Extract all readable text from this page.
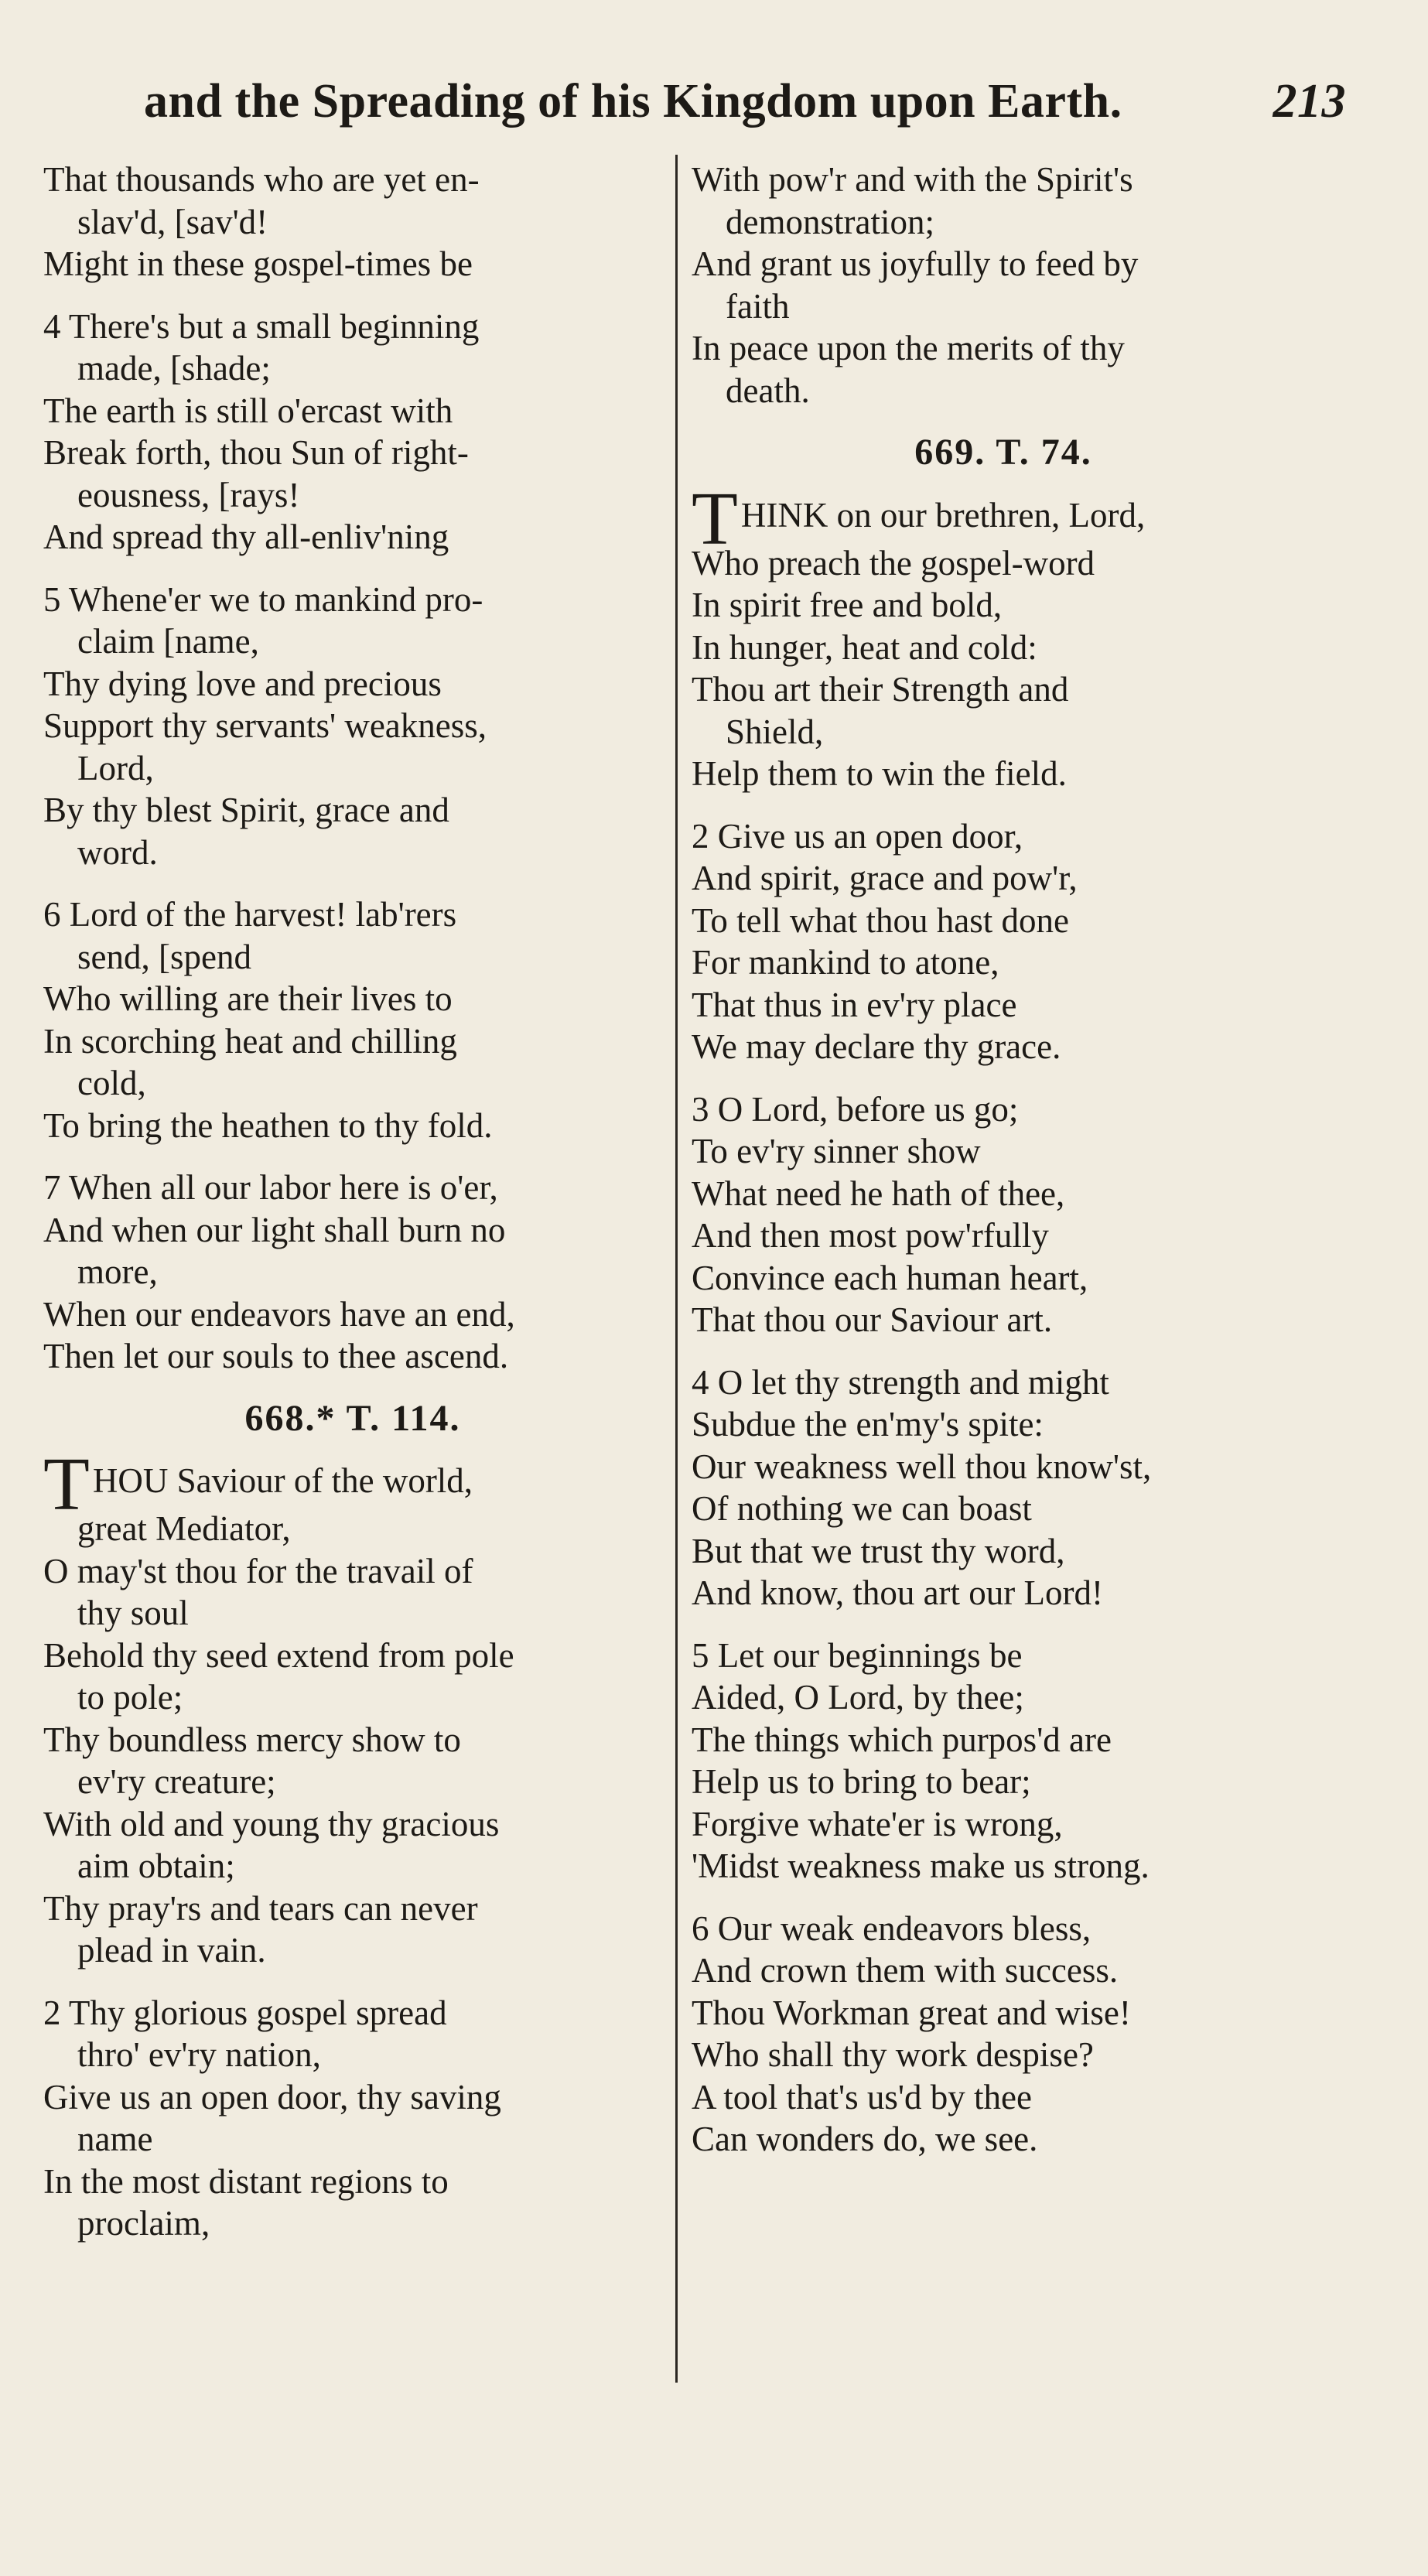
and the Spreading of his Kingdom upon Earth.	213
That thousands who are yet en-
slav'd, [sav'd!
Might in these gospel-times be
4 There's but a small beginning
made, [shade;
The earth is still o'ercast with
Break forth, thou Sun of right-
eousness, [rays!
And spread thy all-enliv'ning
5 Whene'er we to mankind pro-
claim [name,
Thy dying love and precious
Support thy servants' weakness,
Lord,
By thy blest Spirit, grace and
word.
6 Lord of the harvest! lab'rers
send, [spend
Who willing are their lives to
In scorching heat and chilling
cold,
To bring the heathen to thy fold.
7 When all our labor here is o'er,
And when our light shall burn no
more,
When our endeavors have an end,
Then let our souls to thee ascend.
668.* T. 114.
T HOU
Saviour of the world,
great Mediator,
O may'st thou for the travail of
thy soul
Behold thy seed extend from pole
to pole;
Thy boundless mercy show to
ev'ry creature;
With old and young thy gracious
aim obtain;
Thy pray'rs and tears can never
plead in vain.
2 Thy glorious gospel spread
thro' ev'ry nation,
Give us an open door, thy saving
name
In the most distant regions to
proclaim,
With pow'r and with the Spirit's
demonstration;
And grant us joyfully to feed by
faith
In peace upon the merits of thy
death.
669. T. 74.
T HINK
on our brethren, Lord,
Who preach the gospel-word
In spirit free and bold,
In hunger, heat and cold:
Thou art their Strength and
Shield,
Help them to win the field.
2 Give us an open door,
And spirit, grace and pow'r,
To tell what thou hast done
For mankind to atone,
That thus in ev'ry place
We may declare thy grace.
3 O Lord, before us go;
To ev'ry sinner show
What need he hath of thee,
And then most pow'rfully
Convince each human heart,
That thou our Saviour art.
4 O let thy strength and might
Subdue the en'my's spite:
Our weakness well thou know'st,
Of nothing we can boast
But that we trust thy word,
And know, thou art our Lord!
5 Let our beginnings be
Aided, O Lord, by thee;
The things which purpos'd are
Help us to bring to bear;
Forgive whate'er is wrong,
'Midst weakness make us strong.
6 Our weak endeavors bless,
And crown them with success.
Thou Workman great and wise!
Who shall thy work despise?
A tool that's us'd by thee
Can wonders do, we see.
